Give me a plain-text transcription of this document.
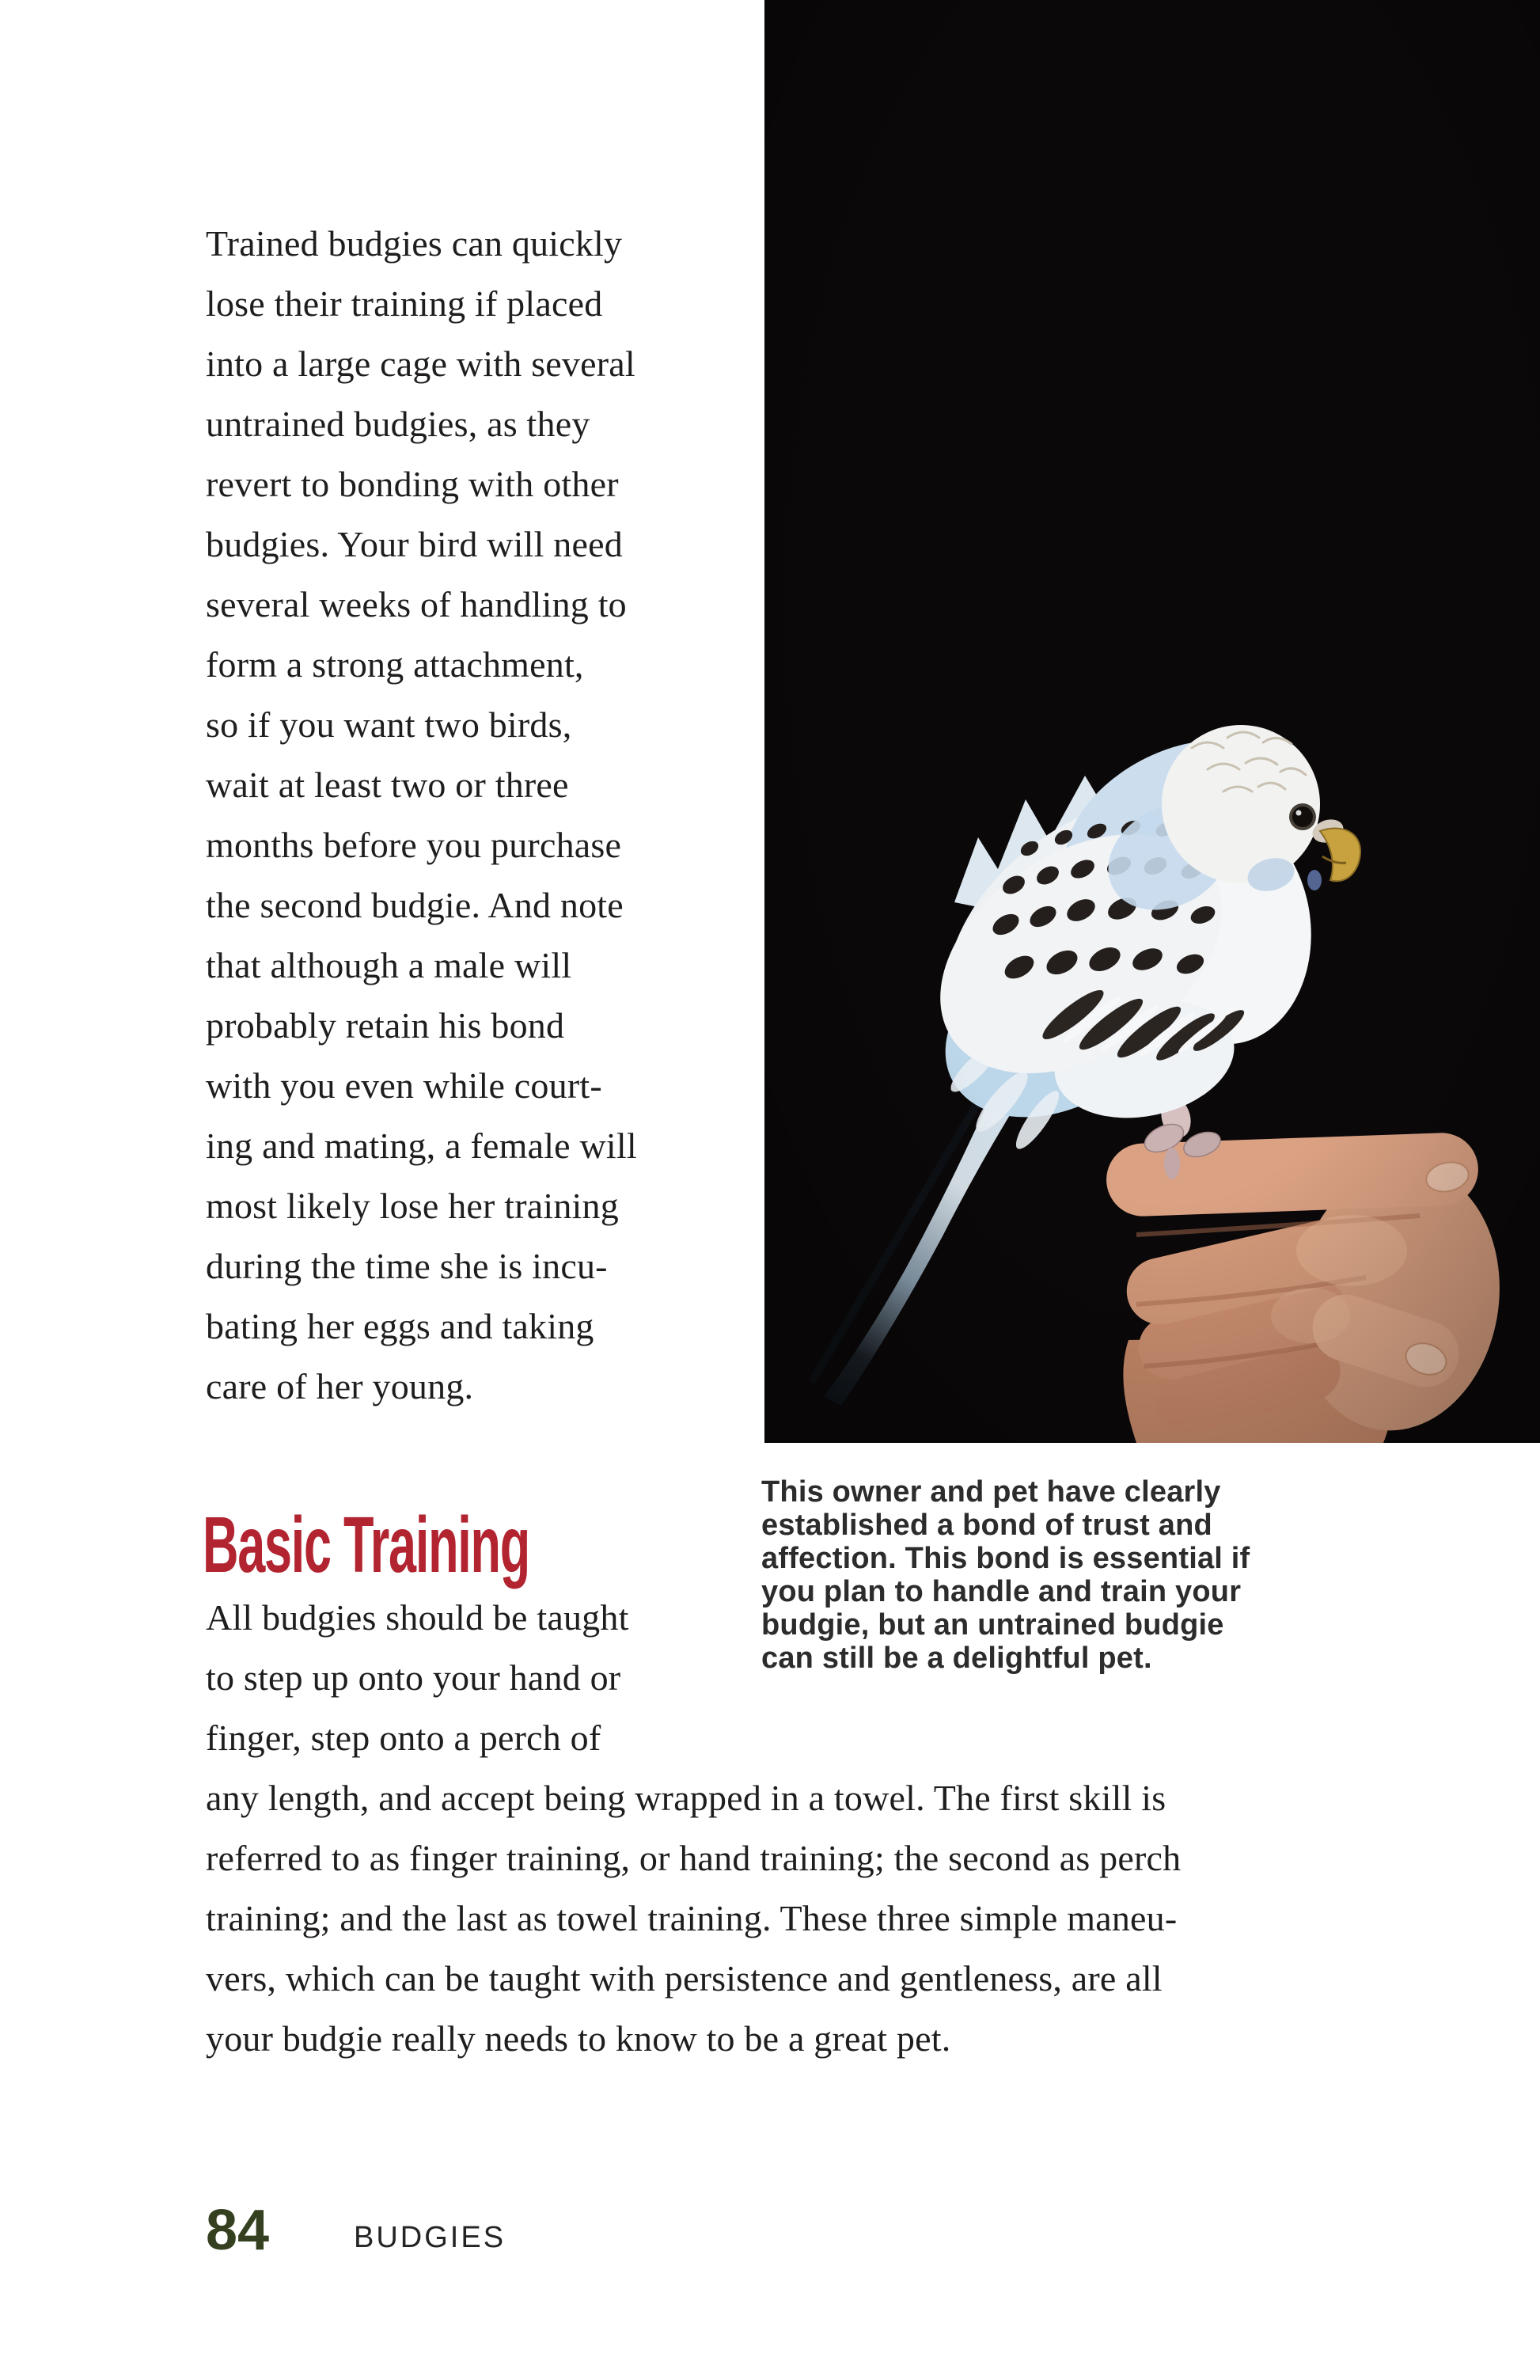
This owner and pet have clearly
established a bond of trust and
affection. This bond is essential if
you plan to handle and train your
budgie, but an untrained budgie
can still be a delightful pet.
Trained budgies can quickly
lose their training if placed
into a large cage with several
untrained budgies, as they
revert to bonding with other
budgies. Your bird will need
several weeks of handling to
form a strong attachment,
so if you want two birds,
wait at least two or three
months before you purchase
the second budgie. And note
that although a male will
probably retain his bond
with you even while court-
ing and mating, a female will
most likely lose her training
during the time she is incu-
bating her eggs and taking
care of her young.
Basic Training
All budgies should be taught
to step up onto your hand or
finger, step onto a perch of
any length, and accept being wrapped in a towel. The first skill is
referred to as finger training, or hand training; the second as perch
training; and the last as towel training. These three simple maneu-
vers, which can be taught with persistence and gentleness, are all
your budgie really needs to know to be a great pet.
84	BUDGIES
